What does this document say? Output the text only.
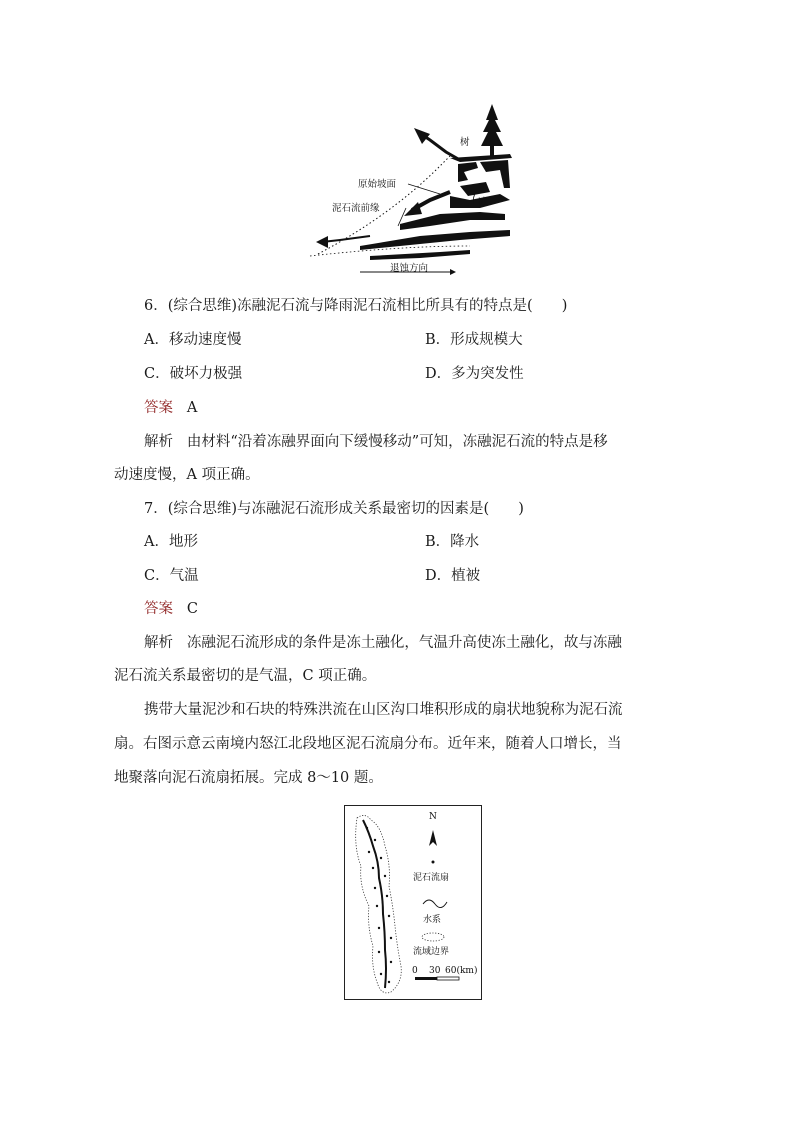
树
原始坡面
泥石流前缘
冰
退蚀方向
6．(综合思维)冻融泥石流与降雨泥石流相比所具有的特点是(　　)
A．移动速度慢	B．形成规模大
C．破坏力极强	D．多为突发性
答案 A
解析 由材料“沿着冻融界面向下缓慢移动”可知，冻融泥石流的特点是移
动速度慢，A 项正确。
7．(综合思维)与冻融泥石流形成关系最密切的因素是(　　)
A．地形	B．降水
C．气温	D．植被
答案 C
解析 冻融泥石流形成的条件是冻土融化，气温升高使冻土融化，故与冻融
泥石流关系最密切的是气温，C 项正确。
携带大量泥沙和石块的特殊洪流在山区沟口堆积形成的扇状地貌称为泥石流
扇。右图示意云南境内怒江北段地区泥石流扇分布。近年来，随着人口增长，当
地聚落向泥石流扇拓展。完成 8～10 题。
N
泥石流扇
水系
流域边界
0 30 60(km)
